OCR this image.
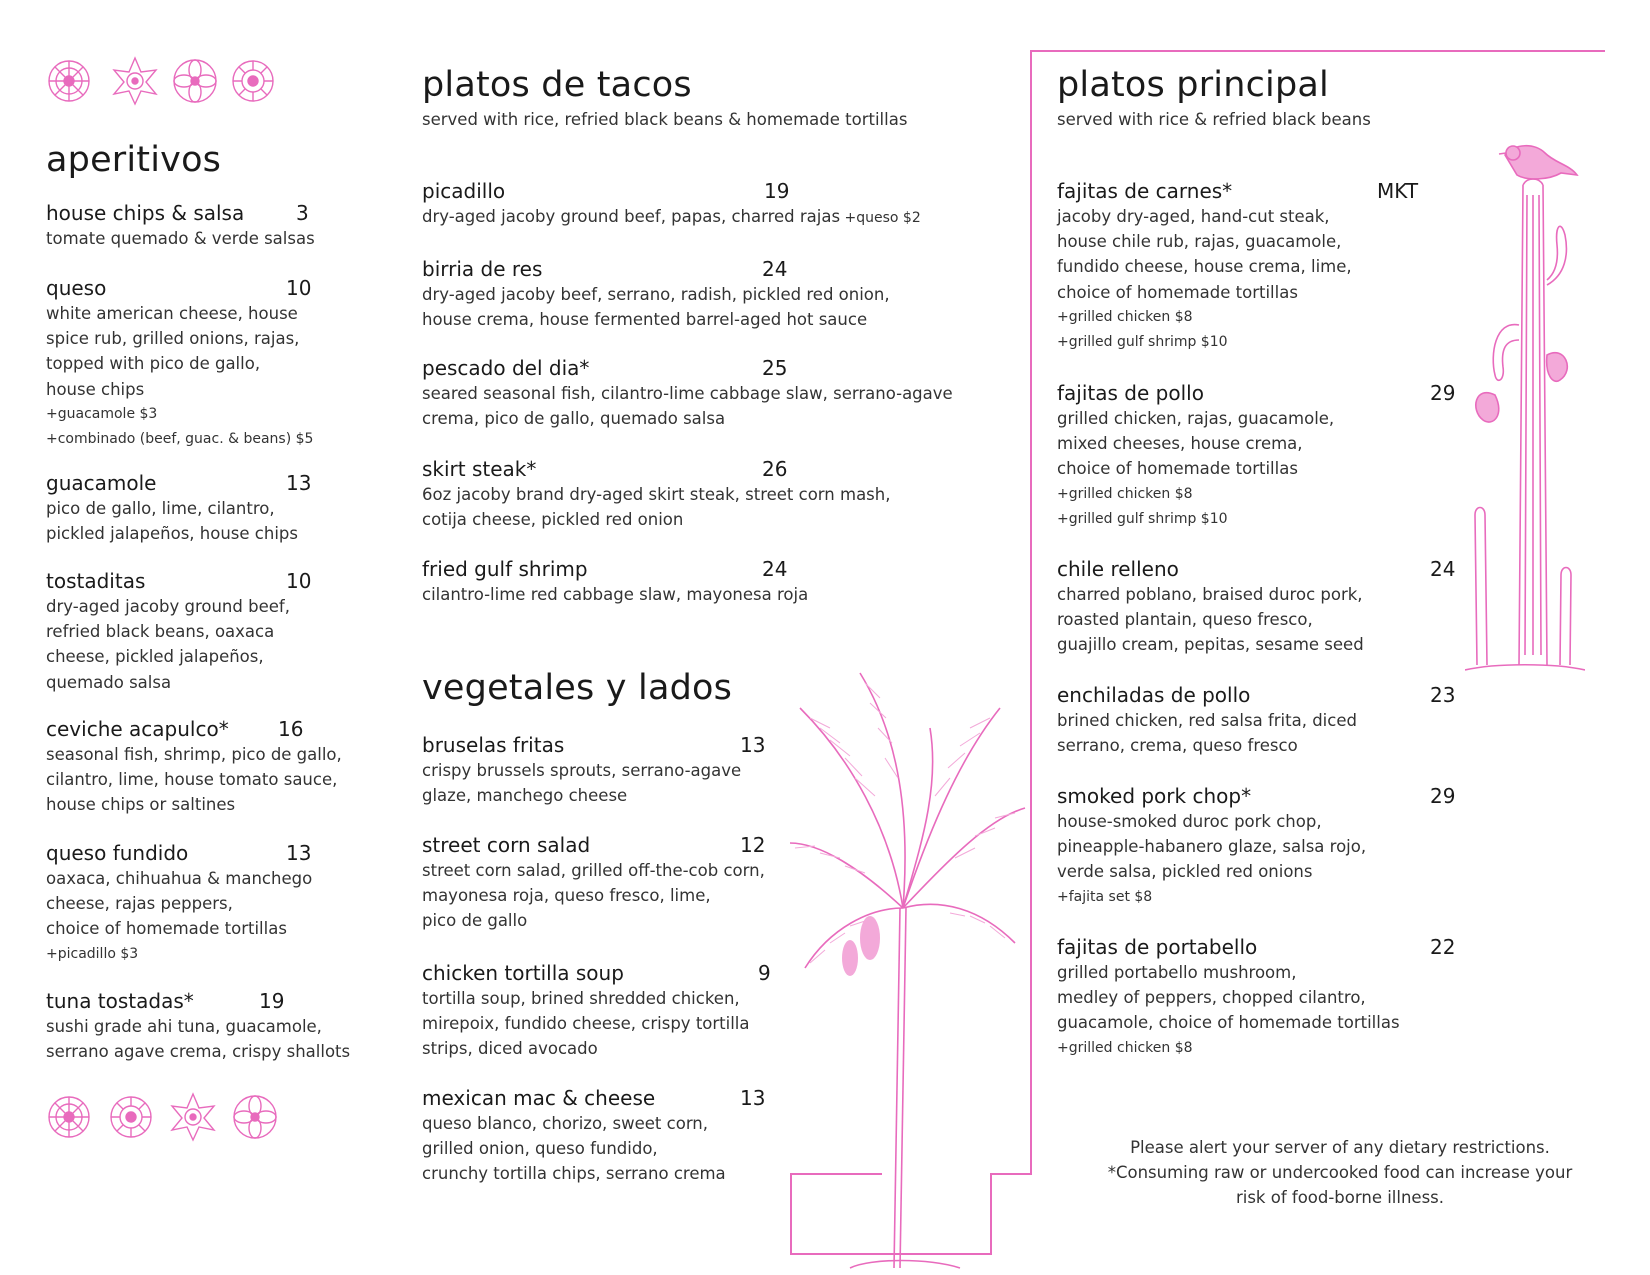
aperitivos
house chips & salsa	3
tomate quemado & verde salsas
queso	10
white american cheese, house
spice rub, grilled onions, rajas,
topped with pico de gallo,
house chips
+guacamole $3
+combinado (beef, guac. & beans) $5
guacamole	13
pico de gallo, lime, cilantro,
pickled jalapeños, house chips
tostaditas	10
dry-aged jacoby ground beef,
refried black beans, oaxaca
cheese, pickled jalapeños,
quemado salsa
ceviche acapulco*	16
seasonal fish, shrimp, pico de gallo,
cilantro, lime, house tomato sauce,
house chips or saltines
queso fundido	13
oaxaca, chihuahua & manchego
cheese, rajas peppers,
choice of homemade tortillas
+picadillo $3
tuna tostadas*	19
sushi grade ahi tuna, guacamole,
serrano agave crema, crispy shallots
platos de tacos
served with rice, refried black beans & homemade tortillas
picadillo	19
dry-aged jacoby ground beef, papas, charred rajas +queso $2
birria de res	24
dry-aged jacoby beef, serrano, radish, pickled red onion,
house crema, house fermented barrel-aged hot sauce
pescado del dia*	25
seared seasonal fish, cilantro-lime cabbage slaw, serrano-agave
crema, pico de gallo, quemado salsa
skirt steak*	26
6oz jacoby brand dry-aged skirt steak, street corn mash,
cotija cheese, pickled red onion
fried gulf shrimp	24
cilantro-lime red cabbage slaw, mayonesa roja
vegetales y lados
bruselas fritas	13
crispy brussels sprouts, serrano-agave
glaze, manchego cheese
street corn salad	12
street corn salad, grilled off-the-cob corn,
mayonesa roja, queso fresco, lime,
pico de gallo
chicken tortilla soup	9
tortilla soup, brined shredded chicken,
mirepoix, fundido cheese, crispy tortilla
strips, diced avocado
mexican mac & cheese	13
queso blanco, chorizo, sweet corn,
grilled onion, queso fundido,
crunchy tortilla chips, serrano crema
platos principal
served with rice & refried black beans
fajitas de carnes*	MKT
jacoby dry-aged, hand-cut steak,
house chile rub, rajas, guacamole,
fundido cheese, house crema, lime,
choice of homemade tortillas
+grilled chicken $8
+grilled gulf shrimp $10
fajitas de pollo	29
grilled chicken, rajas, guacamole,
mixed cheeses, house crema,
choice of homemade tortillas
+grilled chicken $8
+grilled gulf shrimp $10
chile relleno	24
charred poblano, braised duroc pork,
roasted plantain, queso fresco,
guajillo cream, pepitas, sesame seed
enchiladas de pollo	23
brined chicken, red salsa frita, diced
serrano, crema, queso fresco
smoked pork chop*	29
house-smoked duroc pork chop,
pineapple-habanero glaze, salsa rojo,
verde salsa, pickled red onions
+fajita set $8
fajitas de portabello	22
grilled portabello mushroom,
medley of peppers, chopped cilantro,
guacamole, choice of homemade tortillas
+grilled chicken $8
Please alert your server of any dietary restrictions.
*Consuming raw or undercooked food can increase your
risk of food-borne illness.
